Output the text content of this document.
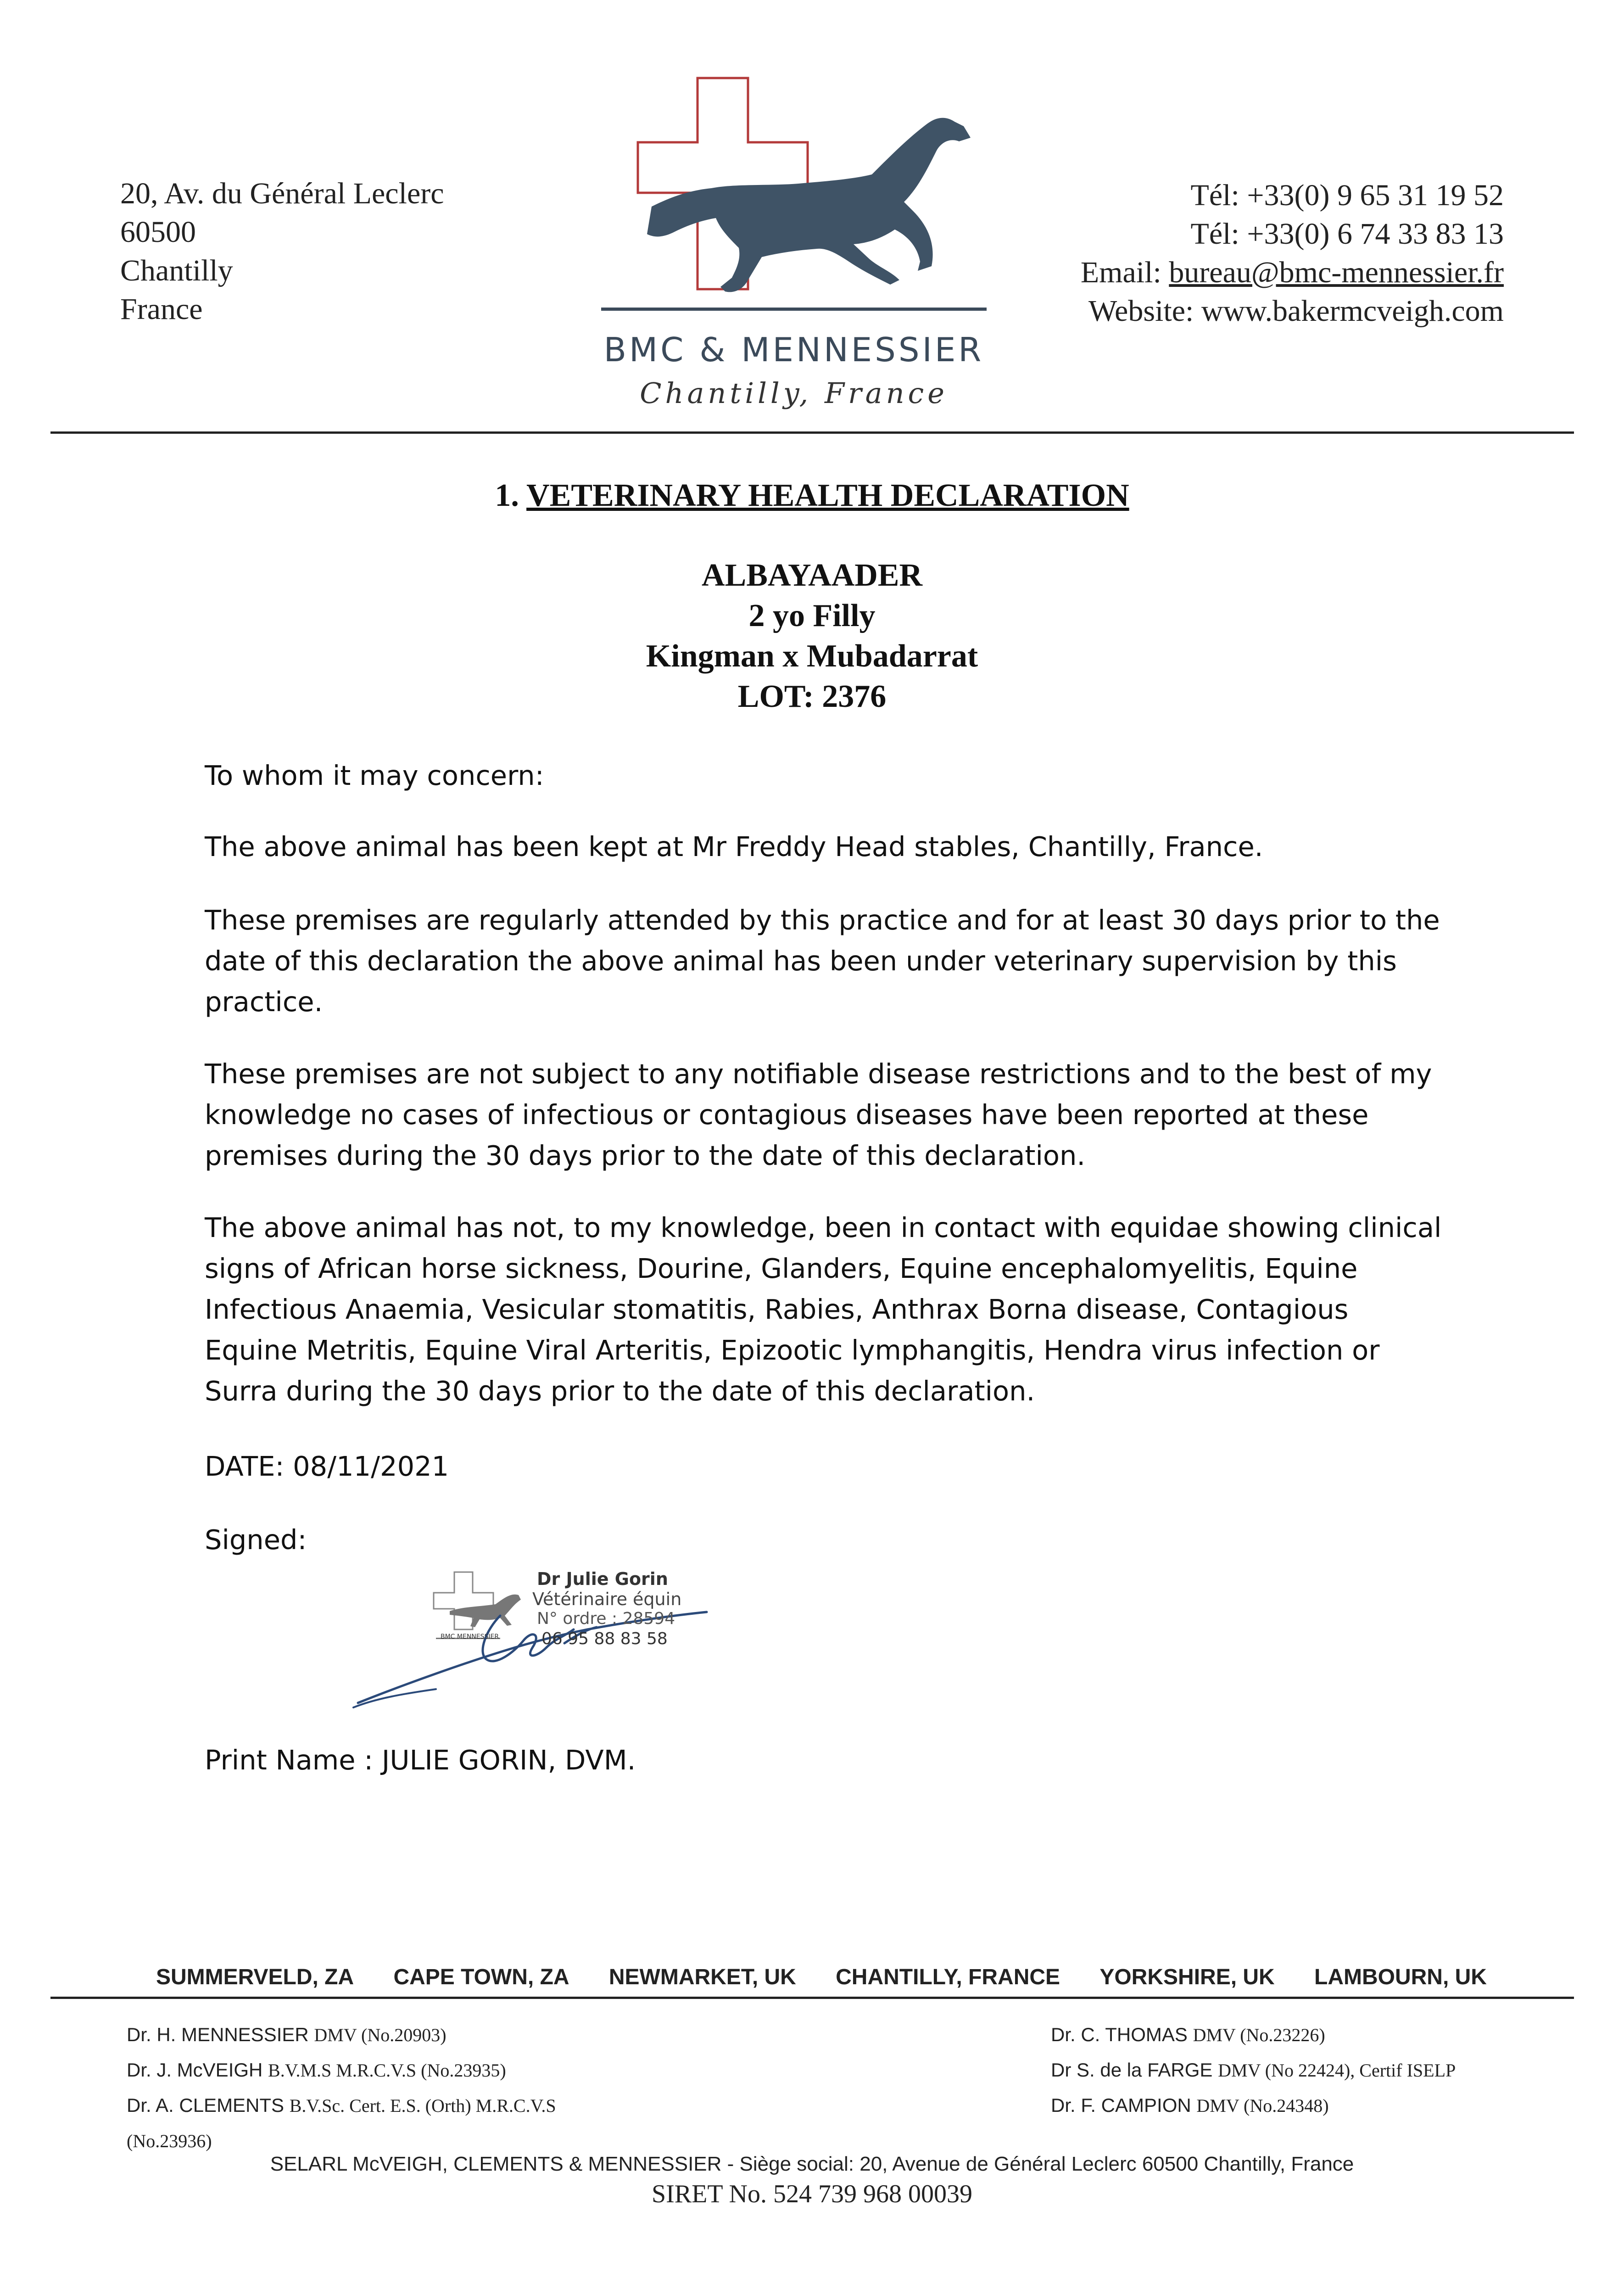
20, Av. du Général Leclerc
60500
Chantilly
France
BMC & MENNESSIER
Chantilly, France
Tél: +33(0) 9 65 31 19 52
Tél: +33(0) 6 74 33 83 13
Email: bureau@bmc-mennessier.fr
Website: www.bakermcveigh.com
1. VETERINARY HEALTH DECLARATION
ALBAYAADER
2 yo Filly
Kingman x Mubadarrat
LOT: 2376
To whom it may concern:
The above animal has been kept at Mr Freddy Head stables, Chantilly, France.
These premises are regularly attended by this practice and for at least 30 days prior to the date of this declaration the above animal has been under veterinary supervision by this practice.
These premises are not subject to any notifiable disease restrictions and to the best of my knowledge no cases of infectious or contagious diseases have been reported at these premises during the 30 days prior to the date of this declaration.
The above animal has not, to my knowledge, been in contact with equidae showing clinical signs of African horse sickness, Dourine, Glanders, Equine encephalomyelitis, Equine Infectious Anaemia, Vesicular stomatitis, Rabies, Anthrax Borna disease, Contagious Equine Metritis, Equine Viral Arteritis, Epizootic lymphangitis, Hendra virus infection or Surra during the 30 days prior to the date of this declaration.
DATE: 08/11/2021
Signed:
Dr Julie Gorin
Vétérinaire équin
N° ordre : 28594
06 95 88 83 58
BMC MENNESSIER
Print Name : JULIE GORIN, DVM.
SUMMERVELD, ZA CAPE TOWN, ZA NEWMARKET, UK CHANTILLY, FRANCE YORKSHIRE, UK LAMBOURN, UK
Dr. H. MENNESSIER DMV (No.20903)
Dr. J. McVEIGH B.V.M.S M.R.C.V.S (No.23935)
Dr. A. CLEMENTS B.V.Sc. Cert. E.S. (Orth) M.R.C.V.S
(No.23936)
Dr. C. THOMAS DMV (No.23226)
Dr S. de la FARGE DMV (No 22424), Certif ISELP
Dr. F. CAMPION DMV (No.24348)
SELARL McVEIGH, CLEMENTS & MENNESSIER - Siège social: 20, Avenue de Général Leclerc 60500 Chantilly, France
SIRET No. 524 739 968 00039
